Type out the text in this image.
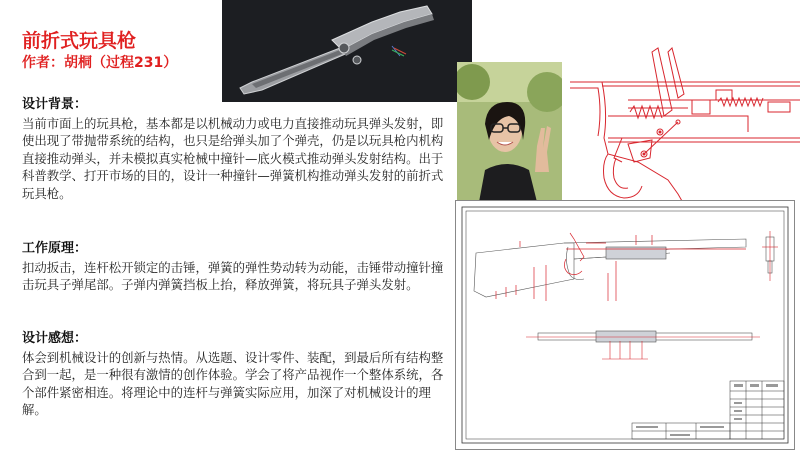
前折式玩具枪
作者：胡桐（过程231）
设计背景：
当前市面上的玩具枪，基本都是以机械动力或电力直接推动玩具弹头发射，即使出现了带抛带系统的结构，也只是给弹头加了个弹壳，仍是以玩具枪内机构直接推动弹头，并未模拟真实枪械中撞针—底火模式推动弹头发射结构。出于科普教学、打开市场的目的，设计一种撞针—弹簧机构推动弹头发射的前折式玩具枪。
工作原理：
扣动扳击，连杆松开锁定的击锤，弹簧的弹性势动转为动能，击锤带动撞针撞击玩具子弹尾部。子弹内弹簧挡板上抬，释放弹簧，将玩具子弹头发射。
设计感想：
体会到机械设计的创新与热情。从选题、设计零件、装配，到最后所有结构整合到一起，是一种很有激情的创作体验。学会了将产品视作一个整体系统，各个部件紧密相连。将理论中的连杆与弹簧实际应用，加深了对机械设计的理解。
